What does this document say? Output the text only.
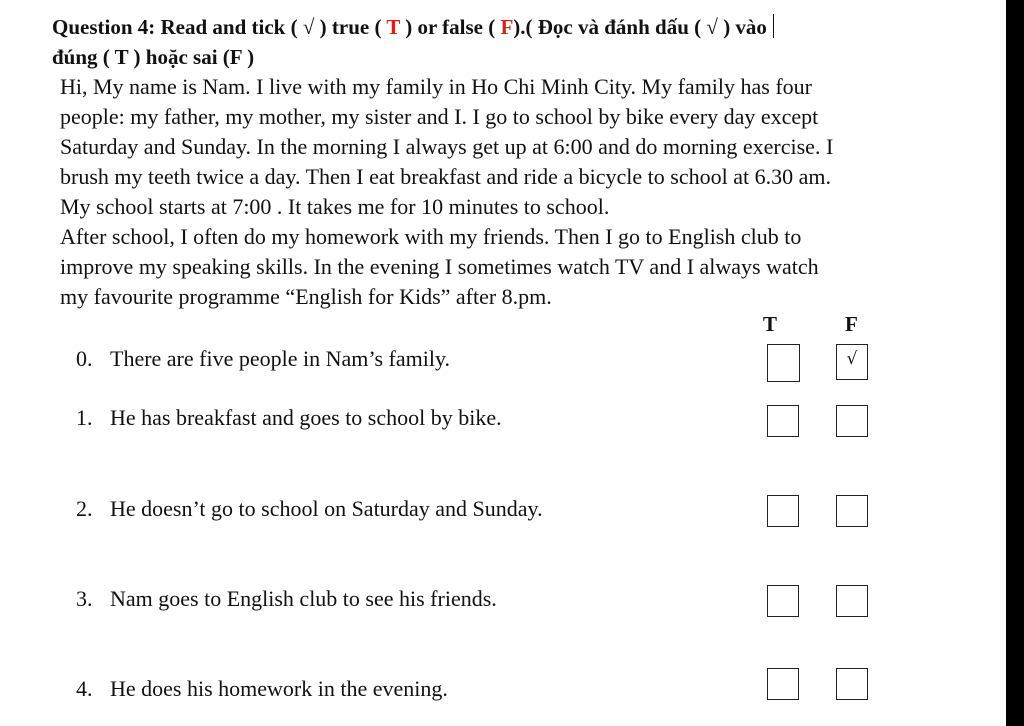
Question 4: Read and tick ( √ ) true ( T ) or false ( F).( Đọc và đánh dấu ( √ ) vào
đúng ( T ) hoặc sai (F )
Hi, My name is Nam. I live with my family in Ho Chi Minh City. My family has four
people: my father, my mother, my sister and I. I go to school by bike every day except
Saturday and Sunday. In the morning I always get up at 6:00 and do morning exercise. I
brush my teeth twice a day. Then I eat breakfast and ride a bicycle to school at 6.30 am.
My school starts at 7:00 . It takes me for 10 minutes to school.
After school, I often do my homework with my friends. Then I go to English club to
improve my speaking skills. In the evening I sometimes watch TV and I always watch
my favourite programme “English for Kids” after 8.pm.
T	F
0. There are five people in Nam’s family.	√
1. He has breakfast and goes to school by bike.
2. He doesn’t go to school on Saturday and Sunday.
3. Nam goes to English club to see his friends.
4. He does his homework in the evening.
